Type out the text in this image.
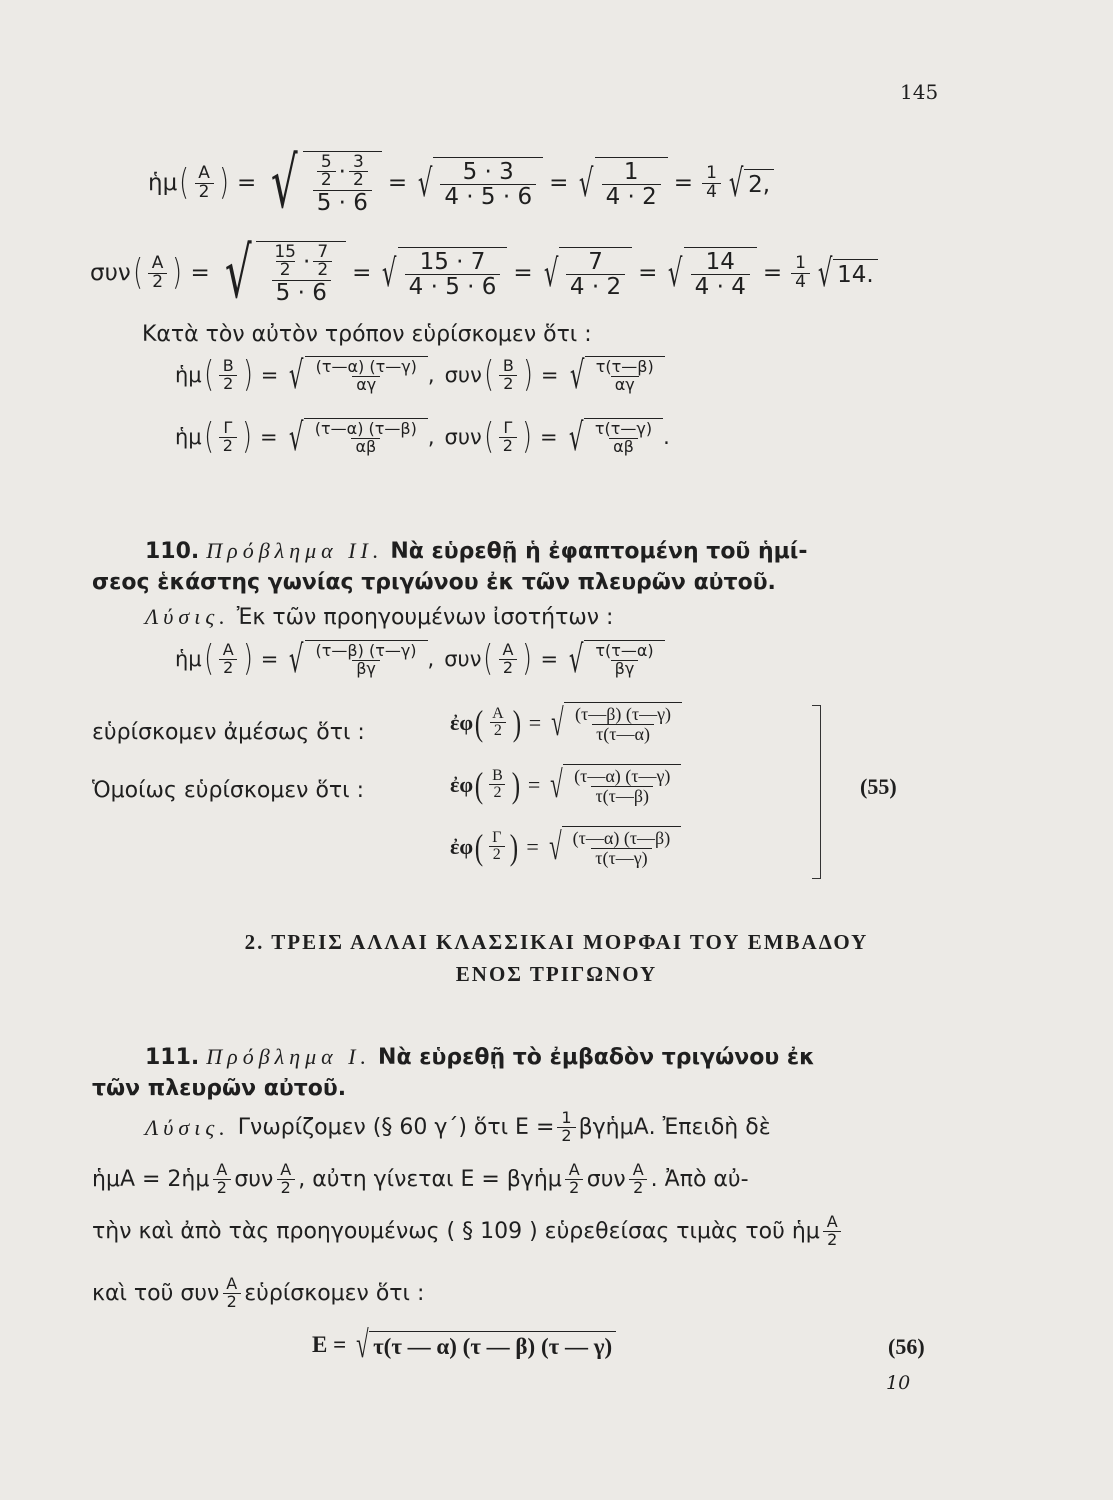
145
ἡμ ( $\frac{A}{2}$ ) = √ $\frac{\frac{5}{2} \cdot \frac{3}{2}}{5 \cdot 6}$ = √ $\frac{5 \cdot 3}{4 \cdot 5 \cdot 6}$ = √ $\frac{1}{4 \cdot 2} = \frac{1}{4}$ √ 2,
συν ( $\frac{A}{2}$ ) = √ $\frac{\frac{15}{2} \cdot \frac{7}{2}}{5 \cdot 6}$ = √ $\frac{15 \cdot 7}{4 \cdot 5 \cdot 6}$ = √ $\frac{7}{4 \cdot 2}$ = √ $\frac{14}{4 \cdot 4} = \frac{1}{4}$ √ 14.
Κατὰ τὸν αὐτὸν τρόπον εὑρίσκομεν ὅτι :
ἡμ ( $\frac{B}{2}$ ) = √ $\frac{(\tau—\alpha) (\tau—\gamma)}{\alpha\gamma}$ , συν ( $\frac{B}{2}$ ) = √ $\frac{\tau(\tau—\beta)}{\alpha\gamma}$
ἡμ ( $\frac{\Gamma}{2}$ ) = √ $\frac{(\tau—\alpha) (\tau—\beta)}{\alpha\beta}$ , συν ( $\frac{\Gamma}{2}$ ) = √ $\frac{\tau(\tau—\gamma)}{\alpha\beta}$ .
110. Πρόβλημα ΙΙ. Νὰ εὑρεθῇ ἡ ἐφαπτομένη τοῦ ἡμί-
σεος ἑκάστης γωνίας τριγώνου ἐκ τῶν πλευρῶν αὐτοῦ.
Λύσις. Ἐκ τῶν προηγουμένων ἰσοτήτων :
ἡμ ( $\frac{A}{2}$ ) = √ $\frac{(\tau—\beta) (\tau—\gamma)}{\beta\gamma}$ , συν ( $\frac{A}{2}$ ) = √ $\frac{\tau(\tau—\alpha)}{\beta\gamma}$
εὑρίσκομεν ἀμέσως ὅτι :
Ὁμοίως εὑρίσκομεν ὅτι :
ἐφ ( $\frac{A}{2}$ ) = √ $\frac{(\tau—\beta) (\tau—\gamma)}{\tau(\tau—\alpha)}$
ἐφ ( $\frac{B}{2}$ ) = √ $\frac{(\tau—\alpha) (\tau—\gamma)}{\tau(\tau—\beta)}$
ἐφ ( $\frac{\Gamma}{2}$ ) = √ $\frac{(\tau—\alpha) (\tau—\beta)}{\tau(\tau—\gamma)}$
(55)
2. ΤΡΕΙΣ ΑΛΛΑΙ ΚΛΑΣΣΙΚΑΙ ΜΟΡΦΑΙ ΤΟΥ ΕΜΒΑΔΟΥ
ΕΝΟΣ ΤΡΙΓΩΝΟΥ
111. Πρόβλημα Ι. Νὰ εὑρεθῇ τὸ ἐμβαδὸν τριγώνου ἐκ
τῶν πλευρῶν αὐτοῦ.
Λύσις. Γνωρίζομεν (§ 60 γ΄) ὅτι $E = \frac{1}{2}$ βγἡμΑ. Ἐπειδὴ δὲ
ἡμΑ = 2ἡμ $\frac{A}{2}$ συν $\frac{A}{2}$ , αὐτη γίνεται Ε = βγἡμ $\frac{A}{2}$ συν $\frac{A}{2}$ . Ἀπὸ αὐ-
τὴν καὶ ἀπὸ τὰς προηγουμένως ( § 109 ) εὑρεθείσας τιμὰς τοῦ ἡμ $\frac{A}{2}$
καὶ τοῦ συν $\frac{A}{2}$ εὑρίσκομεν ὅτι :
Ε = √ τ(τ — α) (τ — β) (τ — γ)	(56)
10
